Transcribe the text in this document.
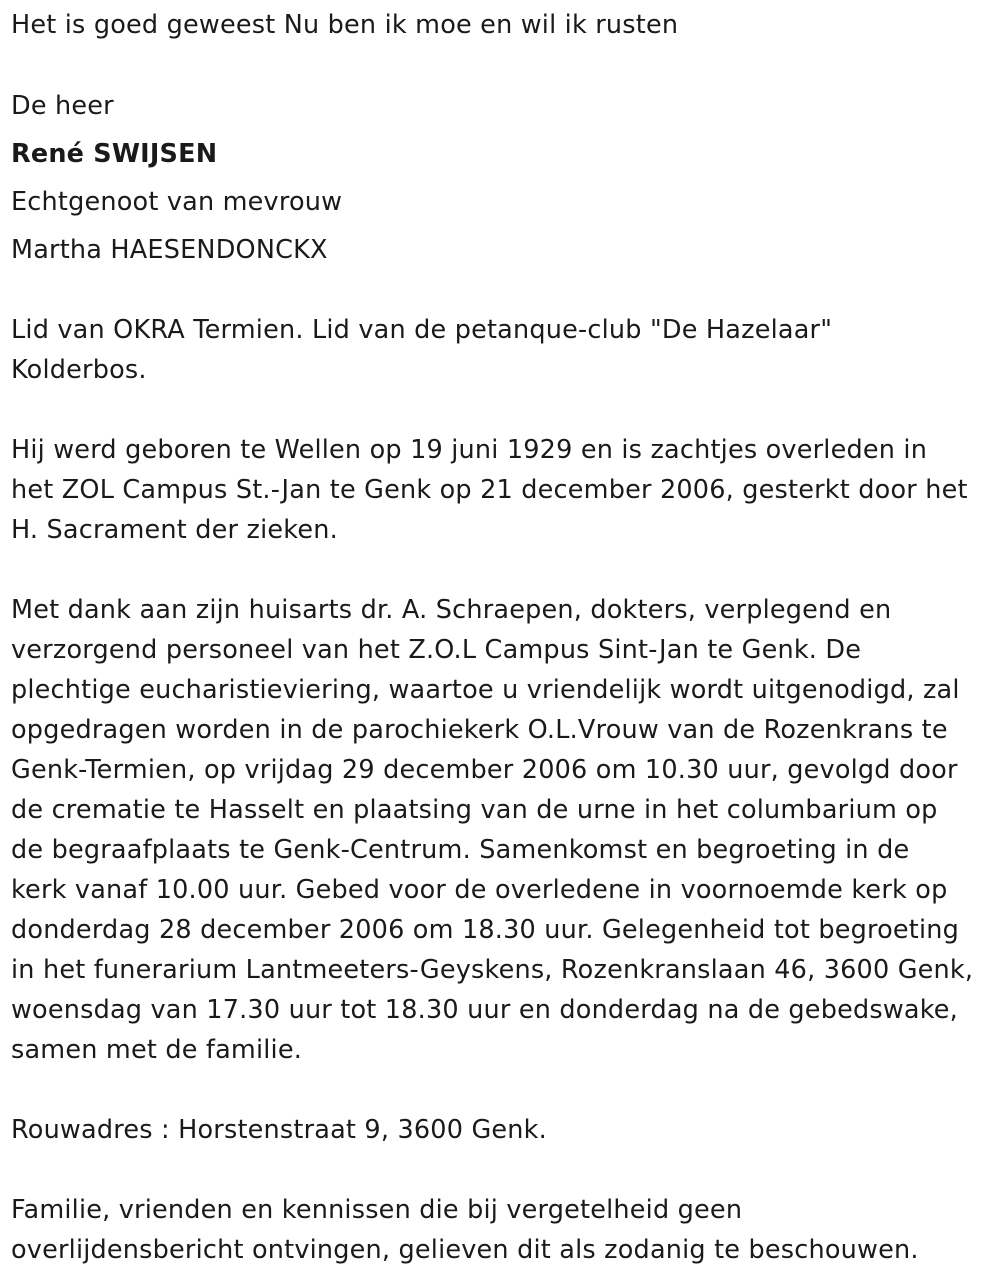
Het is goed geweest Nu ben ik moe en wil ik rusten
De heer
René SWIJSEN
Echtgenoot van mevrouw
Martha HAESENDONCKX
Lid van OKRA Termien. Lid van de petanque-club "De Hazelaar"
Kolderbos.
Hij werd geboren te Wellen op 19 juni 1929 en is zachtjes overleden in
het ZOL Campus St.-Jan te Genk op 21 december 2006, gesterkt door het
H. Sacrament der zieken.
Met dank aan zijn huisarts dr. A. Schraepen, dokters, verplegend en
verzorgend personeel van het Z.O.L Campus Sint-Jan te Genk. De
plechtige eucharistieviering, waartoe u vriendelijk wordt uitgenodigd, zal
opgedragen worden in de parochiekerk O.L.Vrouw van de Rozenkrans te
Genk-Termien, op vrijdag 29 december 2006 om 10.30 uur, gevolgd door
de crematie te Hasselt en plaatsing van de urne in het columbarium op
de begraafplaats te Genk-Centrum. Samenkomst en begroeting in de
kerk vanaf 10.00 uur. Gebed voor de overledene in voornoemde kerk op
donderdag 28 december 2006 om 18.30 uur. Gelegenheid tot begroeting
in het funerarium Lantmeeters-Geyskens, Rozenkranslaan 46, 3600 Genk,
woensdag van 17.30 uur tot 18.30 uur en donderdag na de gebedswake,
samen met de familie.
Rouwadres : Horstenstraat 9, 3600 Genk.
Familie, vrienden en kennissen die bij vergetelheid geen
overlijdensbericht ontvingen, gelieven dit als zodanig te beschouwen.
